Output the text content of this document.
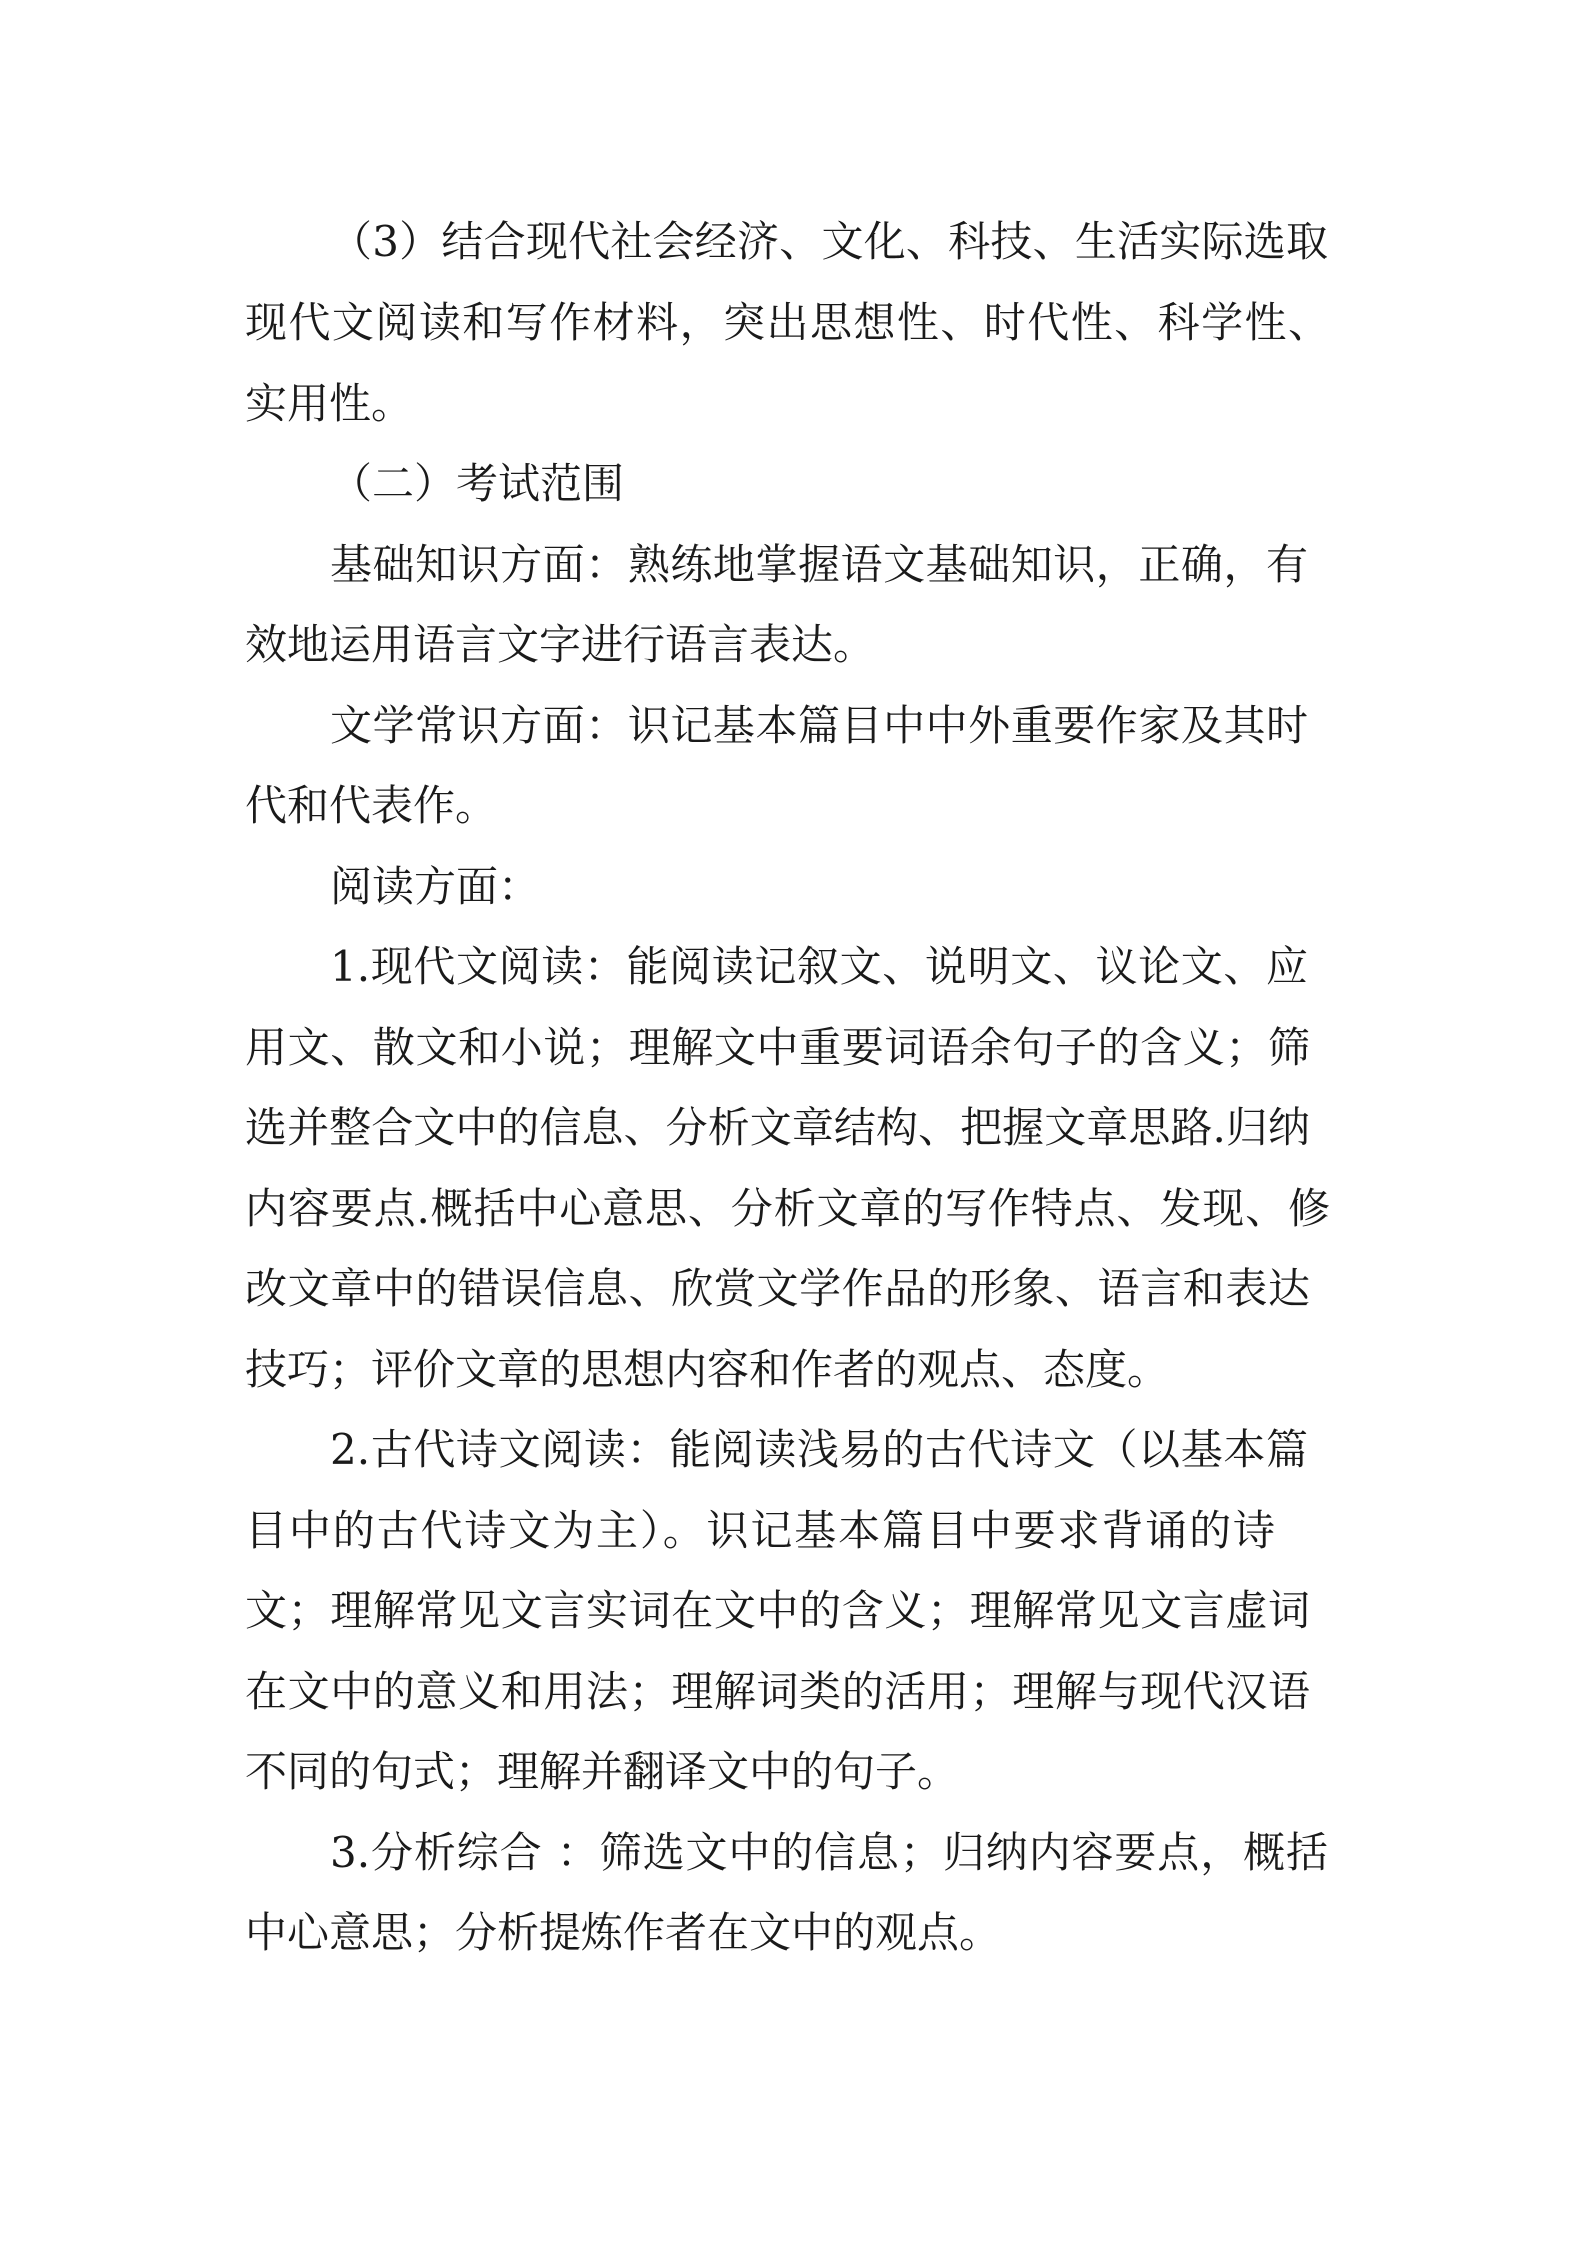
（3）结合现代社会经济、文化、科技、生活实际选取

现代文阅读和写作材料，突出思想性、时代性、科学性、

实用性。

（二）考试范围

基础知识方面：熟练地掌握语文基础知识，正确，有

效地运用语言文字进行语言表达。

文学常识方面：识记基本篇目中中外重要作家及其时

代和代表作。

阅读方面：

1.现代文阅读：能阅读记叙文、说明文、议论文、应

用文、散文和小说；理解文中重要词语余句子的含义；筛

选并整合文中的信息、分析文章结构、把握文章思路.归纳

内容要点.概括中心意思、分析文章的写作特点、发现、修

改文章中的错误信息、欣赏文学作品的形象、语言和表达

技巧；评价文章的思想内容和作者的观点、态度。

2.古代诗文阅读：能阅读浅易的古代诗文（以基本篇

目中的古代诗文为主）。识记基本篇目中要求背诵的诗

文；理解常见文言实词在文中的含义；理解常见文言虚词

在文中的意义和用法；理解词类的活用；理解与现代汉语

不同的句式；理解并翻译文中的句子。

3.分析综合 ：筛选文中的信息；归纳内容要点，概括

中心意思；分析提炼作者在文中的观点。
